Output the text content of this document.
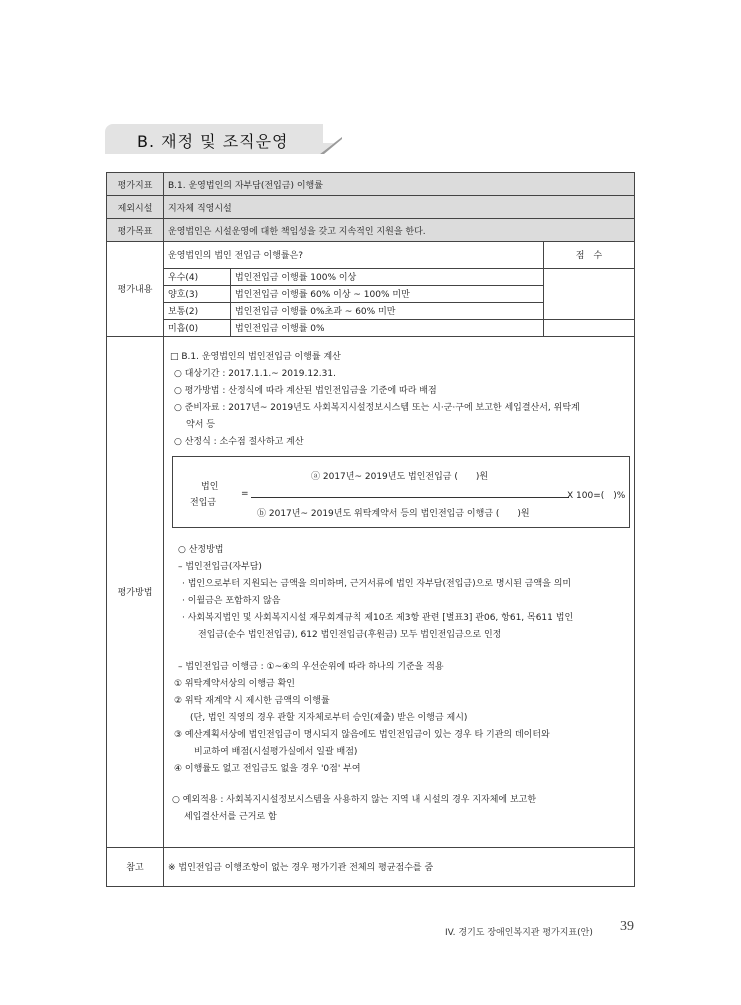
B. 재정 및 조직운영
평가지표	B.1. 운영법인의 자부담(전입금) 이행률
제외시설	지자체 직영시설
평가목표	운영법인은 시설운영에 대한 책임성을 갖고 지속적인 지원을 한다.
평가내용	
운영법인의 법인 전입금 이행률은?	점　수
우수(4)	법인전입금 이행률 100% 이상	
양호(3)	법인전입금 이행률 60% 이상 ~ 100% 미만
보통(2)	법인전입금 이행률 0%초과 ~ 60% 미만
미흡(0)	법인전입금 이행률 0%	

평가방법	
□ B.1. 운영법인의 법인전입금 이행률 계산
○ 대상기간 : 2017.1.1.~ 2019.12.31.
○ 평가방법 : 산정식에 따라 계산된 법인전입금을 기준에 따라 배점
○ 준비자료 : 2017년~ 2019년도 사회복지시설정보시스템 또는 시·군·구에 보고한 세입결산서, 위탁계
약서 등
○ 산정식 : 소수점 절사하고 계산
법인
전입금
=
ⓐ 2017년~ 2019년도 법인전입금 (　　)원
ⓑ 2017년~ 2019년도 위탁계약서 등의 법인전입금 이행금 (　　)원
X 100=(　)%
○ 산정방법
– 법인전입금(자부담)
· 법인으로부터 지원되는 금액을 의미하며, 근거서류에 법인 자부담(전입금)으로 명시된 금액을 의미
· 이월금은 포함하지 않음
· 사회복지법인 및 사회복지시설 재무회계규칙 제10조 제3항 관련 [별표3] 관06, 항61, 목611 법인
전입금(순수 법인전입금), 612 법인전입금(후원금) 모두 법인전입금으로 인정
– 법인전입금 이행금 : ①~④의 우선순위에 따라 하나의 기준을 적용
① 위탁계약서상의 이행금 확인
② 위탁 재계약 시 제시한 금액의 이행률
(단, 법인 직영의 경우 관할 지자체로부터 승인(제출) 받은 이행금 제시)
③ 예산계획서상에 법인전입금이 명시되지 않음에도 법인전입금이 있는 경우 타 기관의 데이터와
비교하여 배점(시설평가실에서 일괄 배점)
④ 이행률도 없고 전입금도 없을 경우 '0점' 부여
○ 예외적용 : 사회복지시설정보시스템을 사용하지 않는 지역 내 시설의 경우 지자체에 보고한
세입결산서를 근거로 함

참고	※ 법인전입금 이행조항이 없는 경우 평가기관 전체의 평균점수를 줌
IV. 경기도 장애인복지관 평가지표(안) 39
